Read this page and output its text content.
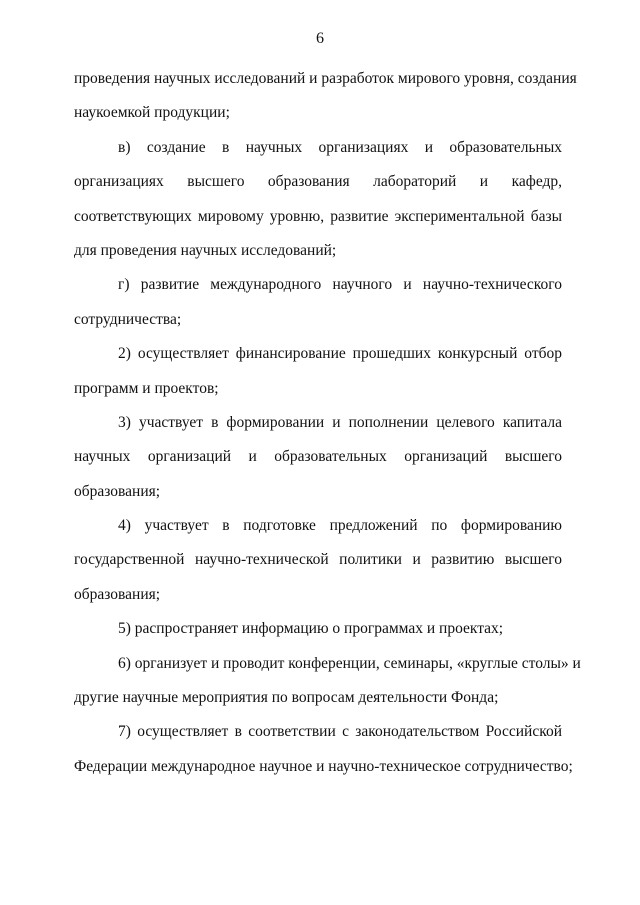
6
проведения научных исследований и разработок мирового уровня, создания
наукоемкой продукции;
в) создание в научных организациях и образовательных
организациях высшего образования лабораторий и кафедр,
соответствующих мировому уровню, развитие экспериментальной базы
для проведения научных исследований;
г) развитие международного научного и научно-технического
сотрудничества;
2) осуществляет финансирование прошедших конкурсный отбор
программ и проектов;
3) участвует в формировании и пополнении целевого капитала
научных организаций и образовательных организаций высшего
образования;
4) участвует в подготовке предложений по формированию
государственной научно-технической политики и развитию высшего
образования;
5) распространяет информацию о программах и проектах;
6) организует и проводит конференции, семинары, «круглые столы» и
другие научные мероприятия по вопросам деятельности Фонда;
7) осуществляет в соответствии с законодательством Российской
Федерации международное научное и научно-техническое сотрудничество;
